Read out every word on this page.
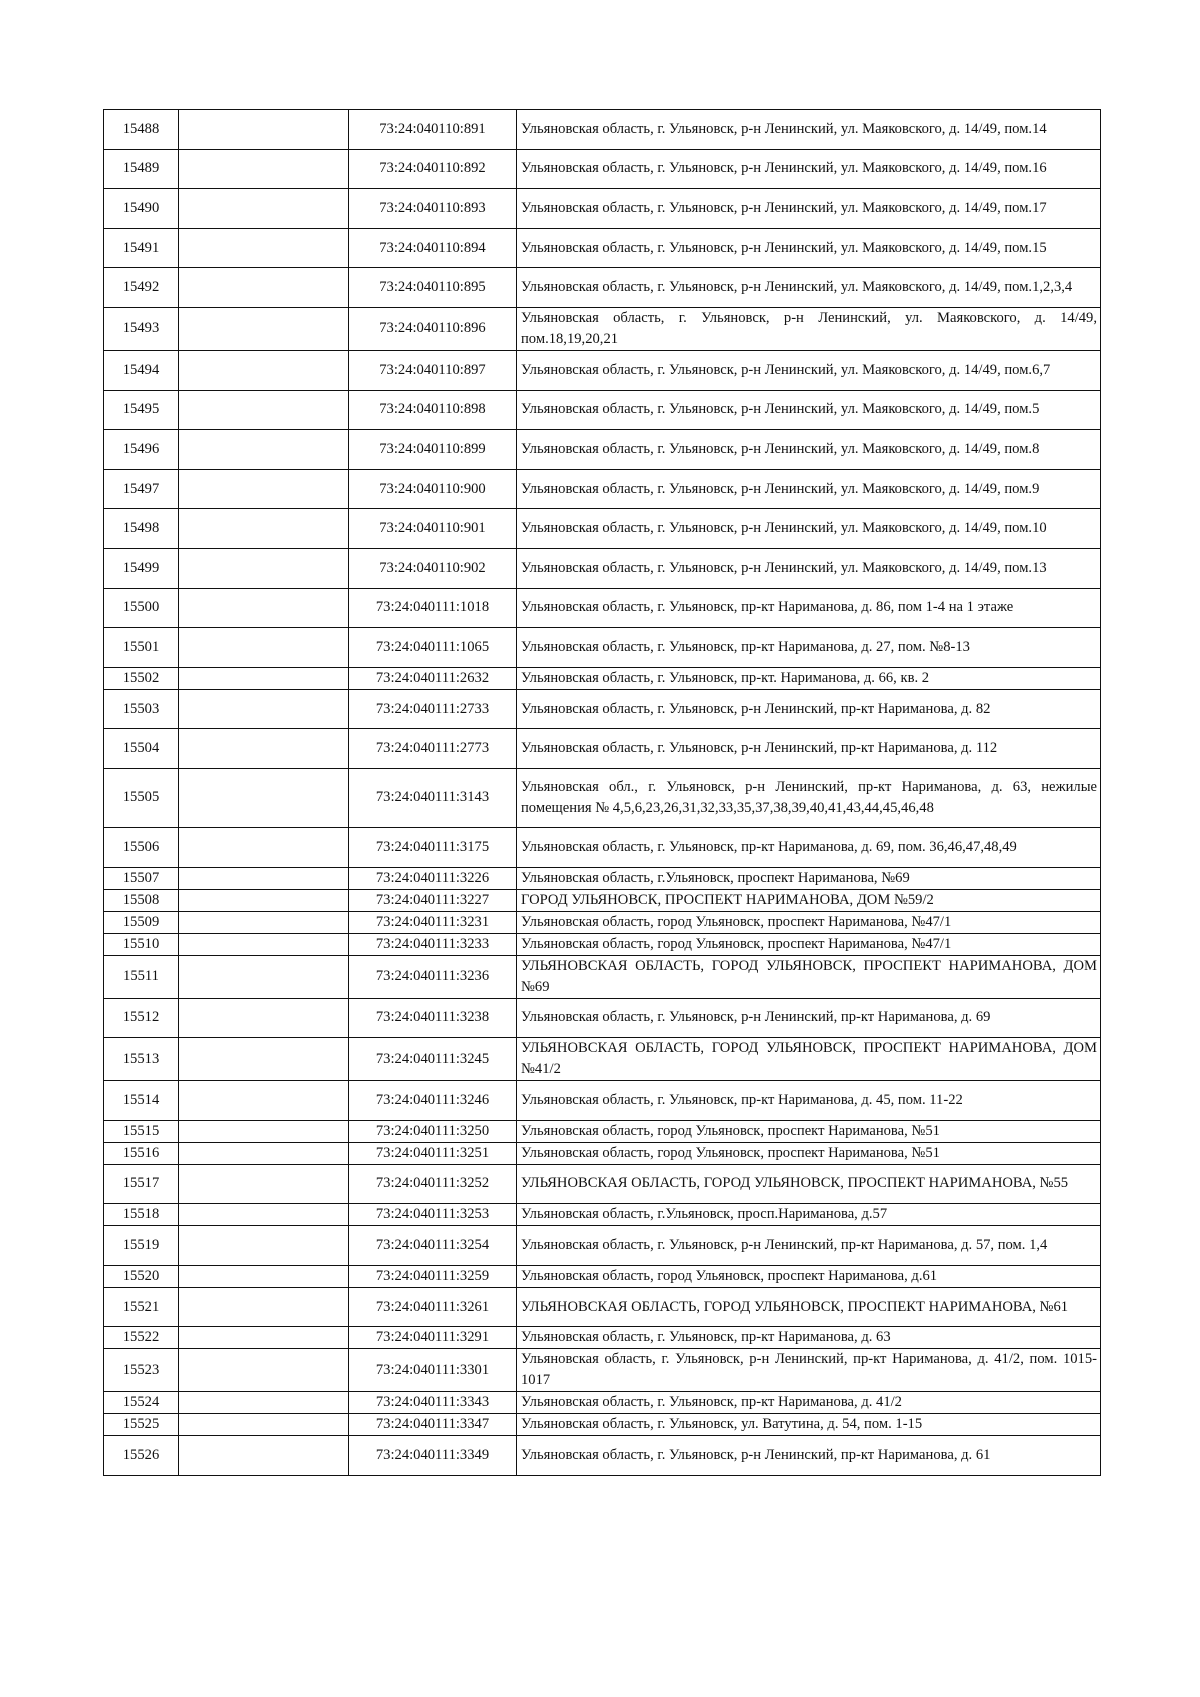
15488		73:24:040110:891	Ульяновская область, г. Ульяновск, р-н Ленинский, ул. Маяковского, д. 14/49, пом.14
15489		73:24:040110:892	Ульяновская область, г. Ульяновск, р-н Ленинский, ул. Маяковского, д. 14/49, пом.16
15490		73:24:040110:893	Ульяновская область, г. Ульяновск, р-н Ленинский, ул. Маяковского, д. 14/49, пом.17
15491		73:24:040110:894	Ульяновская область, г. Ульяновск, р-н Ленинский, ул. Маяковского, д. 14/49, пом.15
15492		73:24:040110:895	Ульяновская область, г. Ульяновск, р-н Ленинский, ул. Маяковского, д. 14/49, пом.1,2,3,4
15493		73:24:040110:896	Ульяновская область, г. Ульяновск, р-н Ленинский, ул. Маяковского, д. 14/49, пом.18,19,20,21
15494		73:24:040110:897	Ульяновская область, г. Ульяновск, р-н Ленинский, ул. Маяковского, д. 14/49, пом.6,7
15495		73:24:040110:898	Ульяновская область, г. Ульяновск, р-н Ленинский, ул. Маяковского, д. 14/49, пом.5
15496		73:24:040110:899	Ульяновская область, г. Ульяновск, р-н Ленинский, ул. Маяковского, д. 14/49, пом.8
15497		73:24:040110:900	Ульяновская область, г. Ульяновск, р-н Ленинский, ул. Маяковского, д. 14/49, пом.9
15498		73:24:040110:901	Ульяновская область, г. Ульяновск, р-н Ленинский, ул. Маяковского, д. 14/49, пом.10
15499		73:24:040110:902	Ульяновская область, г. Ульяновск, р-н Ленинский, ул. Маяковского, д. 14/49, пом.13
15500		73:24:040111:1018	Ульяновская область, г. Ульяновск, пр-кт Нариманова, д. 86, пом 1-4 на 1 этаже
15501		73:24:040111:1065	Ульяновская область, г. Ульяновск, пр-кт Нариманова, д. 27, пом. №8-13
15502		73:24:040111:2632	Ульяновская область, г. Ульяновск, пр-кт. Нариманова, д. 66, кв. 2
15503		73:24:040111:2733	Ульяновская область, г. Ульяновск, р-н Ленинский, пр-кт Нариманова, д. 82
15504		73:24:040111:2773	Ульяновская область, г. Ульяновск, р-н Ленинский, пр-кт Нариманова, д. 112
15505		73:24:040111:3143	Ульяновская обл., г. Ульяновск, р-н Ленинский, пр-кт Нариманова, д. 63, нежилые помещения № 4,5,6,23,26,31,32,33,35,37,38,39,40,41,43,44,45,46,48
15506		73:24:040111:3175	Ульяновская область, г. Ульяновск, пр-кт Нариманова, д. 69, пом. 36,46,47,48,49
15507		73:24:040111:3226	Ульяновская область, г.Ульяновск, проспект Нариманова, №69
15508		73:24:040111:3227	ГОРОД УЛЬЯНОВСК, ПРОСПЕКТ НАРИМАНОВА, ДОМ №59/2
15509		73:24:040111:3231	Ульяновская область, город Ульяновск, проспект Нариманова, №47/1
15510		73:24:040111:3233	Ульяновская область, город Ульяновск, проспект Нариманова, №47/1
15511		73:24:040111:3236	УЛЬЯНОВСКАЯ ОБЛАСТЬ, ГОРОД УЛЬЯНОВСК, ПРОСПЕКТ НАРИМАНОВА, ДОМ №69
15512		73:24:040111:3238	Ульяновская область, г. Ульяновск, р-н Ленинский, пр-кт Нариманова, д. 69
15513		73:24:040111:3245	УЛЬЯНОВСКАЯ ОБЛАСТЬ, ГОРОД УЛЬЯНОВСК, ПРОСПЕКТ НАРИМАНОВА, ДОМ №41/2
15514		73:24:040111:3246	Ульяновская область, г. Ульяновск, пр-кт Нариманова, д. 45, пом. 11-22
15515		73:24:040111:3250	Ульяновская область, город Ульяновск, проспект Нариманова, №51
15516		73:24:040111:3251	Ульяновская область, город Ульяновск, проспект Нариманова, №51
15517		73:24:040111:3252	УЛЬЯНОВСКАЯ ОБЛАСТЬ, ГОРОД УЛЬЯНОВСК, ПРОСПЕКТ НАРИМАНОВА, №55
15518		73:24:040111:3253	Ульяновская область, г.Ульяновск, просп.Нариманова, д.57
15519		73:24:040111:3254	Ульяновская область, г. Ульяновск, р-н Ленинский, пр-кт Нариманова, д. 57, пом. 1,4
15520		73:24:040111:3259	Ульяновская область, город Ульяновск, проспект Нариманова, д.61
15521		73:24:040111:3261	УЛЬЯНОВСКАЯ ОБЛАСТЬ, ГОРОД УЛЬЯНОВСК, ПРОСПЕКТ НАРИМАНОВА, №61
15522		73:24:040111:3291	Ульяновская область, г. Ульяновск, пр-кт Нариманова, д. 63
15523		73:24:040111:3301	Ульяновская область, г. Ульяновск, р-н Ленинский, пр-кт Нариманова, д. 41/2, пом. 1015-1017
15524		73:24:040111:3343	Ульяновская область, г. Ульяновск, пр-кт Нариманова, д. 41/2
15525		73:24:040111:3347	Ульяновская область, г. Ульяновск, ул. Ватутина, д. 54, пом. 1-15
15526		73:24:040111:3349	Ульяновская область, г. Ульяновск, р-н Ленинский, пр-кт Нариманова, д. 61
